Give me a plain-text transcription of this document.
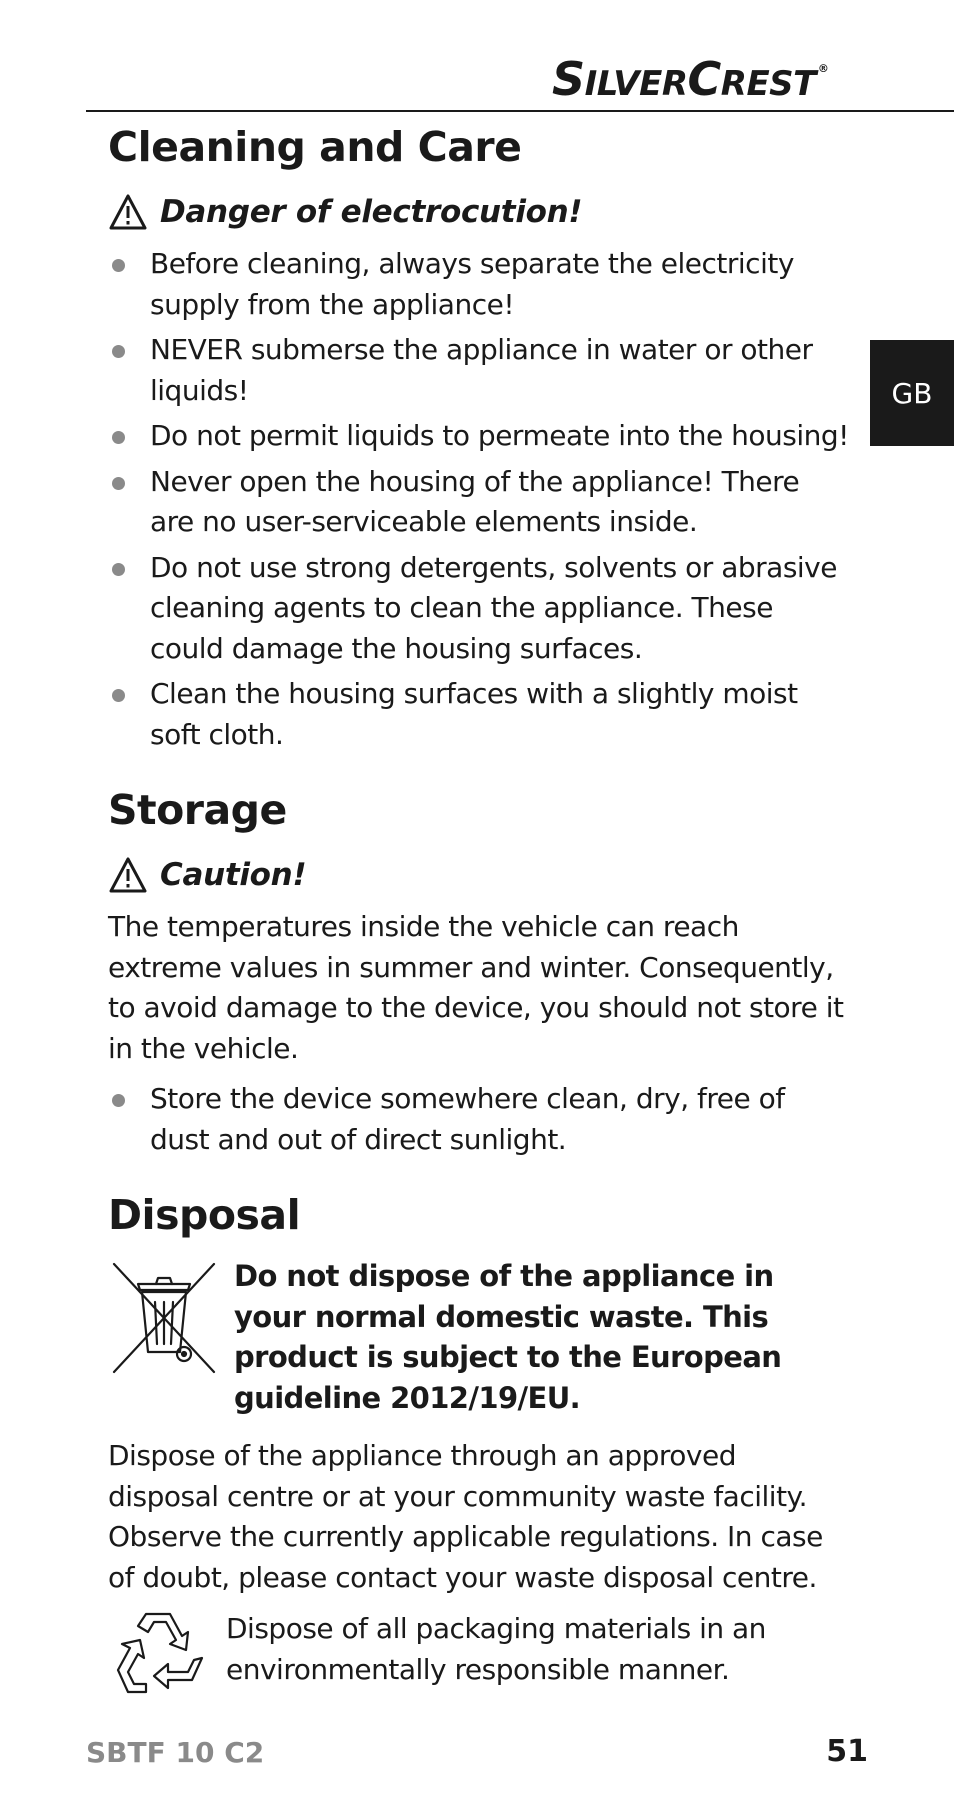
SILVERCREST ®
GB
Cleaning and Care
Danger of electrocution!
Before cleaning, always separate the electricity supply from the appliance!
NEVER submerse the appliance in water or other liquids!
Do not permit liquids to permeate into the housing!
Never open the housing of the appliance! There are no user-serviceable elements inside.
Do not use strong detergents, solvents or abrasive cleaning agents to clean the appliance. These could damage the housing surfaces.
Clean the housing surfaces with a slightly moist soft cloth.
Storage
Caution!

The temperatures inside the vehicle can reach extreme values in summer and winter. Consequently, to avoid damage to the device, you should not store it in the vehicle.

Store the device somewhere clean, dry, free of dust and out of direct sunlight.
Disposal
Do not dispose of the appliance in your normal domestic waste. This product is subject to the European guideline 2012/19/EU.

Dispose of the appliance through an approved disposal centre or at your community waste facility. Observe the currently applicable regulations. In case of doubt, please contact your waste disposal centre.

Dispose of all packaging materials in an environmentally responsible manner.
SBTF 10 C2	51
